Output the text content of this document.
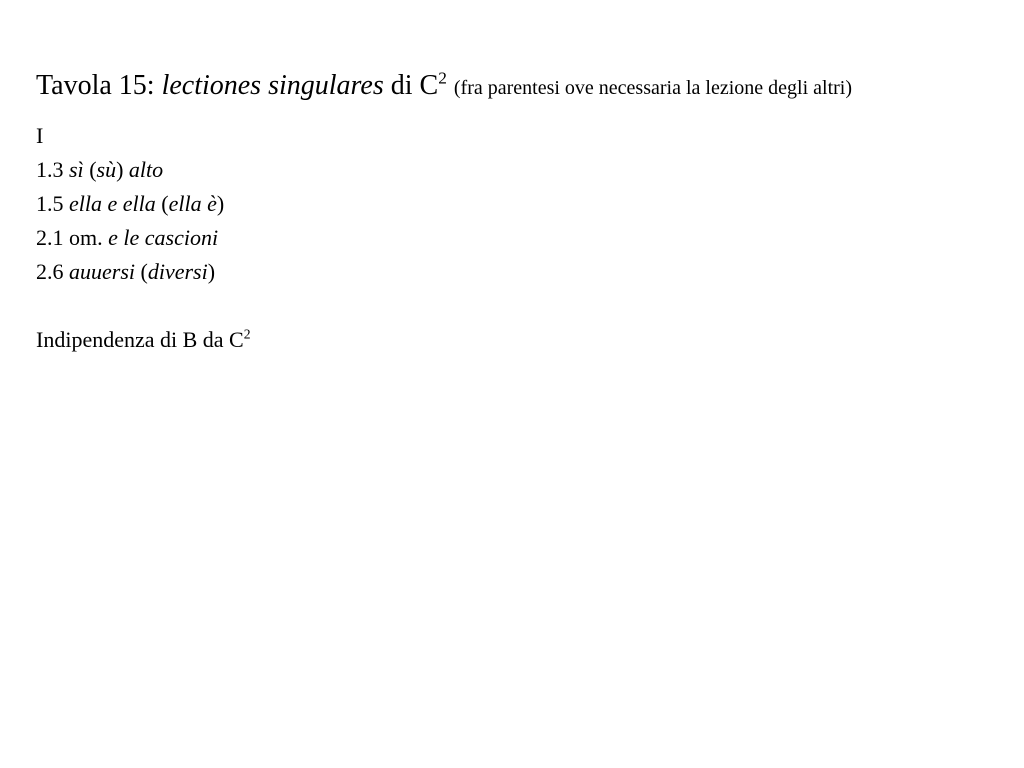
Tavola 15: lectiones singulares di $C^2$ (fra parentesi ove necessaria la lezione degli altri)
I
1.3 sì (sù) alto
1.5 ella e ella (ella è)
2.1 om. e le cascioni
2.6 auuersi (diversi)
Indipendenza di B da $C^2$
